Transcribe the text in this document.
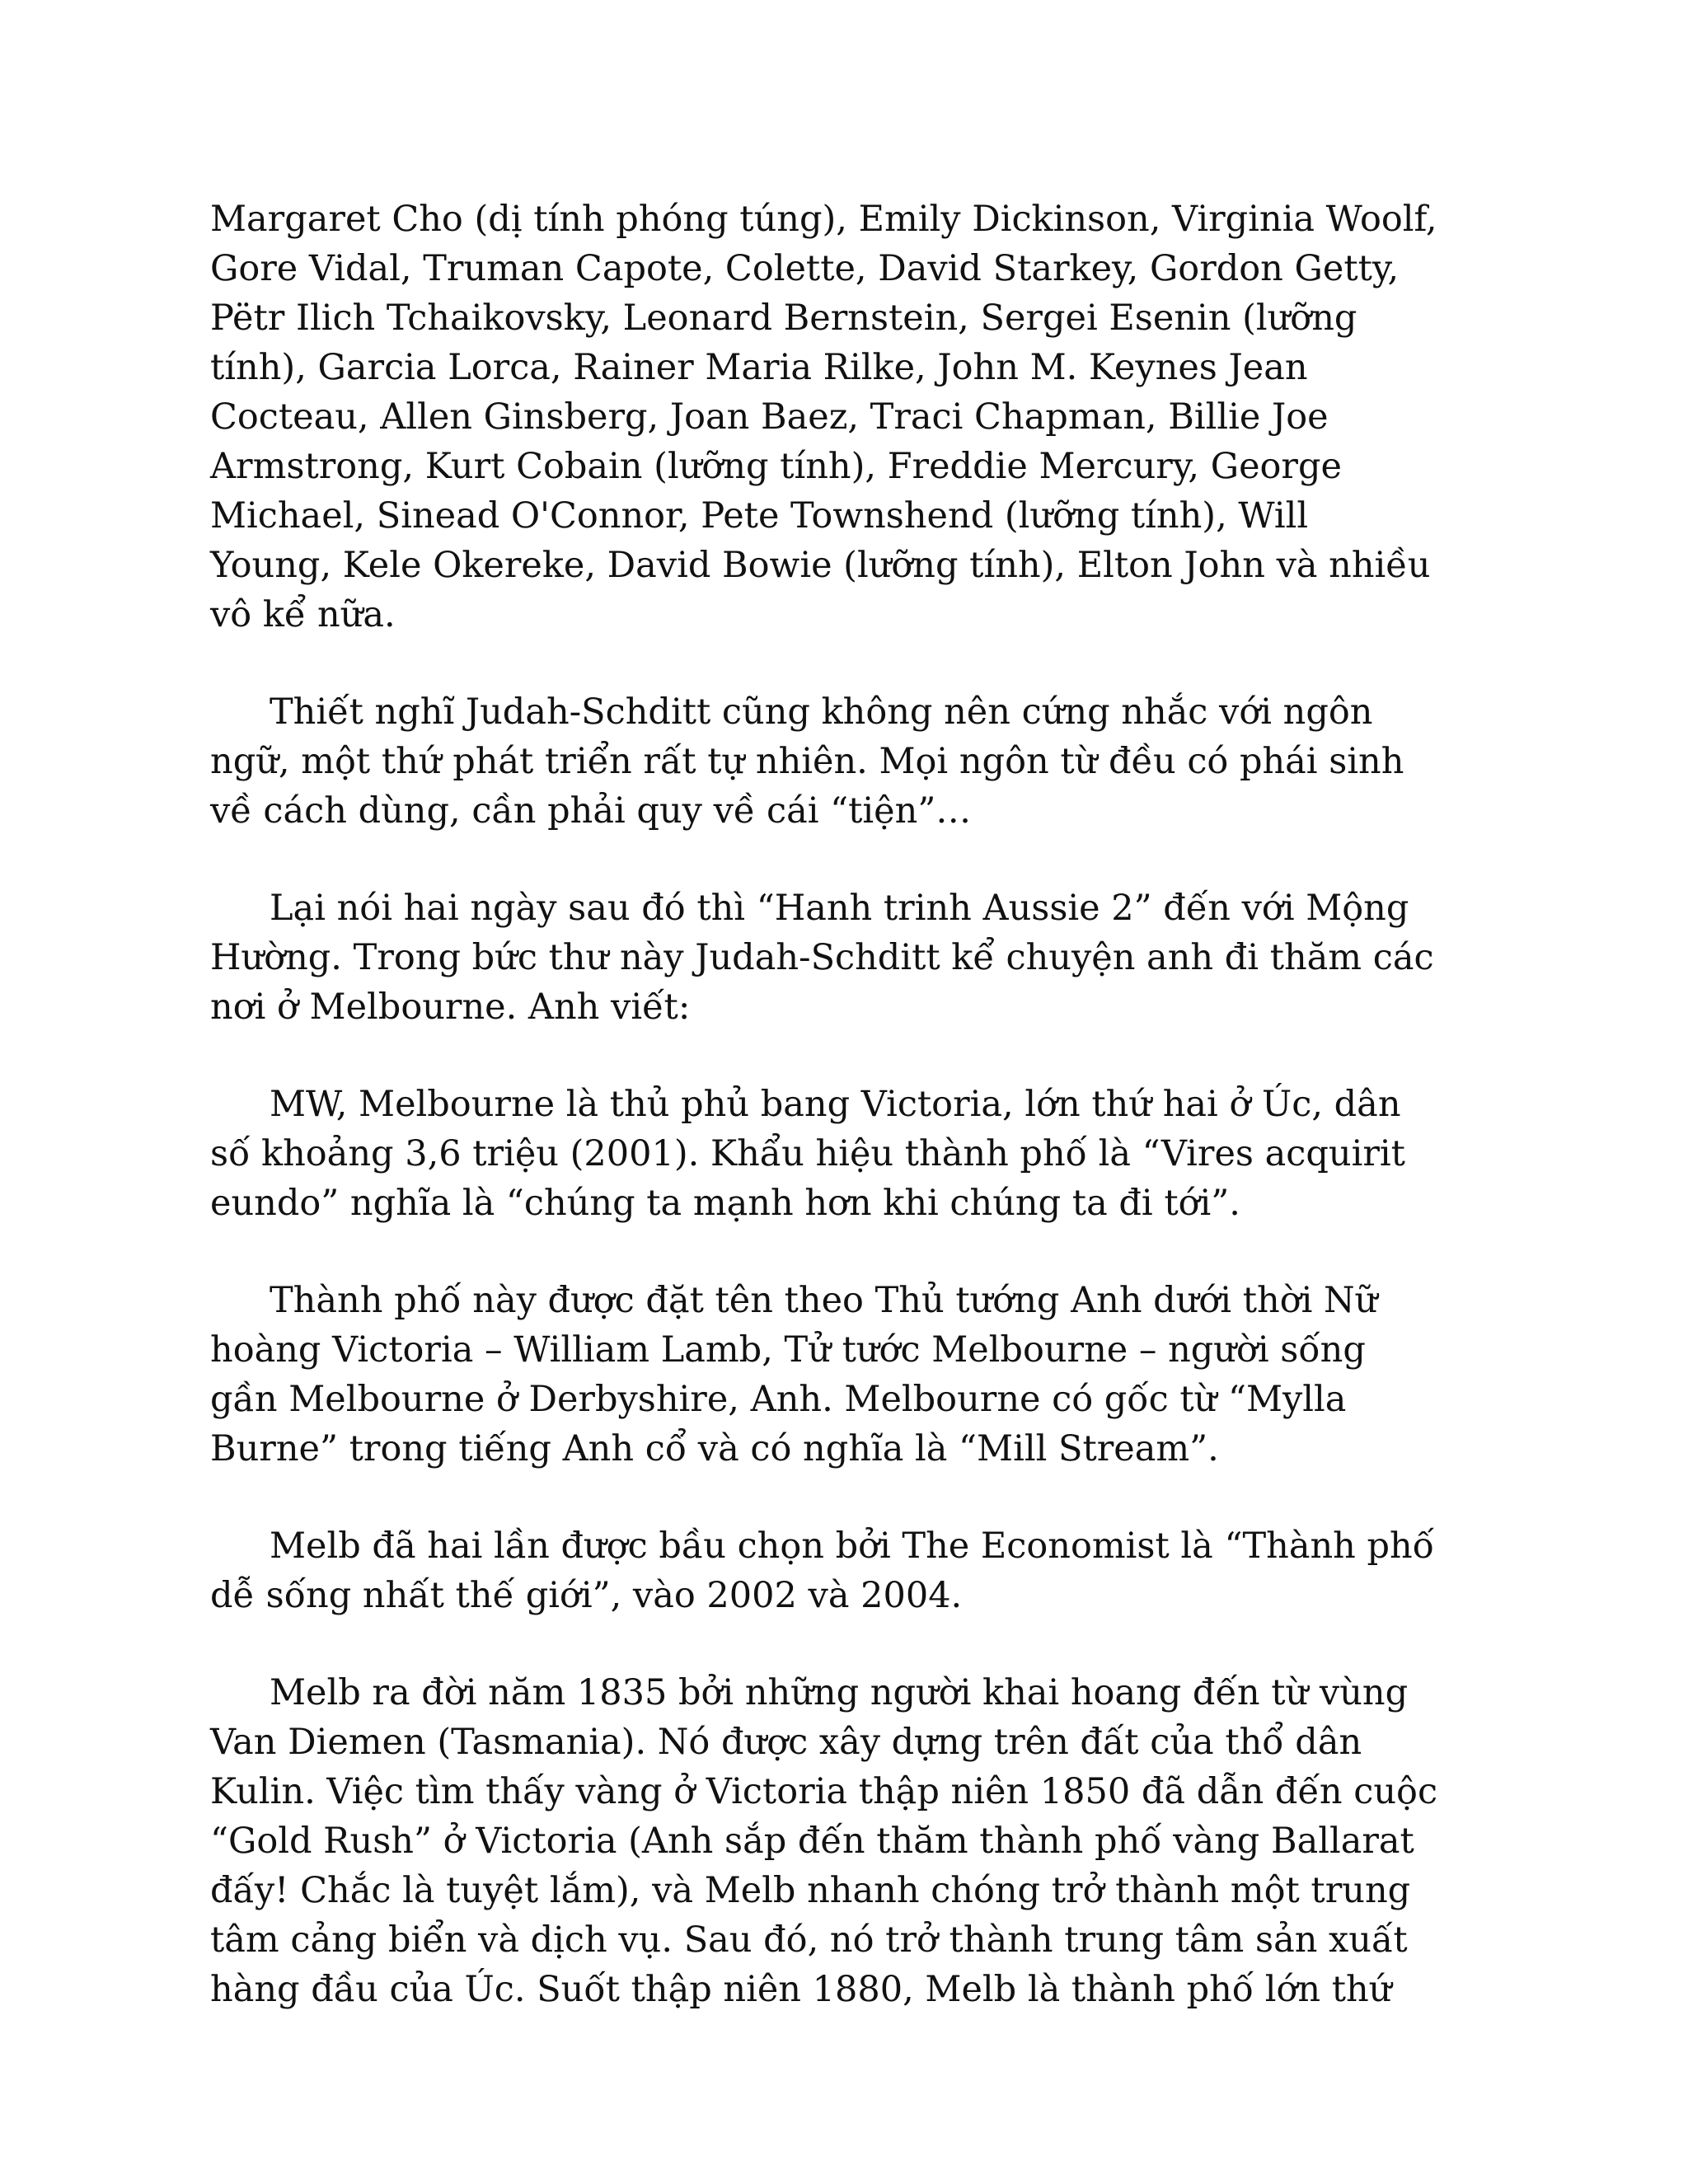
Margaret Cho (dị tính phóng túng), Emily Dickinson, Virginia Woolf,
Gore Vidal, Truman Capote, Colette, David Starkey, Gordon Getty,
Pëtr Ilich Tchaikovsky, Leonard Bernstein, Sergei Esenin (lưỡng
tính), Garcia Lorca, Rainer Maria Rilke, John M. Keynes Jean
Cocteau, Allen Ginsberg, Joan Baez, Traci Chapman, Billie Joe
Armstrong, Kurt Cobain (lưỡng tính), Freddie Mercury, George
Michael, Sinead O'Connor, Pete Townshend (lưỡng tính), Will
Young, Kele Okereke, David Bowie (lưỡng tính), Elton John và nhiều
vô kể nữa.

Thiết nghĩ Judah-Schditt cũng không nên cứng nhắc với ngôn
ngữ, một thứ phát triển rất tự nhiên. Mọi ngôn từ đều có phái sinh
về cách dùng, cần phải quy về cái “tiện”…

Lại nói hai ngày sau đó thì “Hanh trinh Aussie 2” đến với Mộng
Hường. Trong bức thư này Judah-Schditt kể chuyện anh đi thăm các
nơi ở Melbourne. Anh viết:

MW, Melbourne là thủ phủ bang Victoria, lớn thứ hai ở Úc, dân
số khoảng 3,6 triệu (2001). Khẩu hiệu thành phố là “Vires acquirit
eundo” nghĩa là “chúng ta mạnh hơn khi chúng ta đi tới”.

Thành phố này được đặt tên theo Thủ tướng Anh dưới thời Nữ
hoàng Victoria – William Lamb, Tử tước Melbourne – người sống
gần Melbourne ở Derbyshire, Anh. Melbourne có gốc từ “Mylla
Burne” trong tiếng Anh cổ và có nghĩa là “Mill Stream”.

Melb đã hai lần được bầu chọn bởi The Economist là “Thành phố
dễ sống nhất thế giới”, vào 2002 và 2004.

Melb ra đời năm 1835 bởi những người khai hoang đến từ vùng
Van Diemen (Tasmania). Nó được xây dựng trên đất của thổ dân
Kulin. Việc tìm thấy vàng ở Victoria thập niên 1850 đã dẫn đến cuộc
“Gold Rush” ở Victoria (Anh sắp đến thăm thành phố vàng Ballarat
đấy! Chắc là tuyệt lắm), và Melb nhanh chóng trở thành một trung
tâm cảng biển và dịch vụ. Sau đó, nó trở thành trung tâm sản xuất
hàng đầu của Úc. Suốt thập niên 1880, Melb là thành phố lớn thứ
